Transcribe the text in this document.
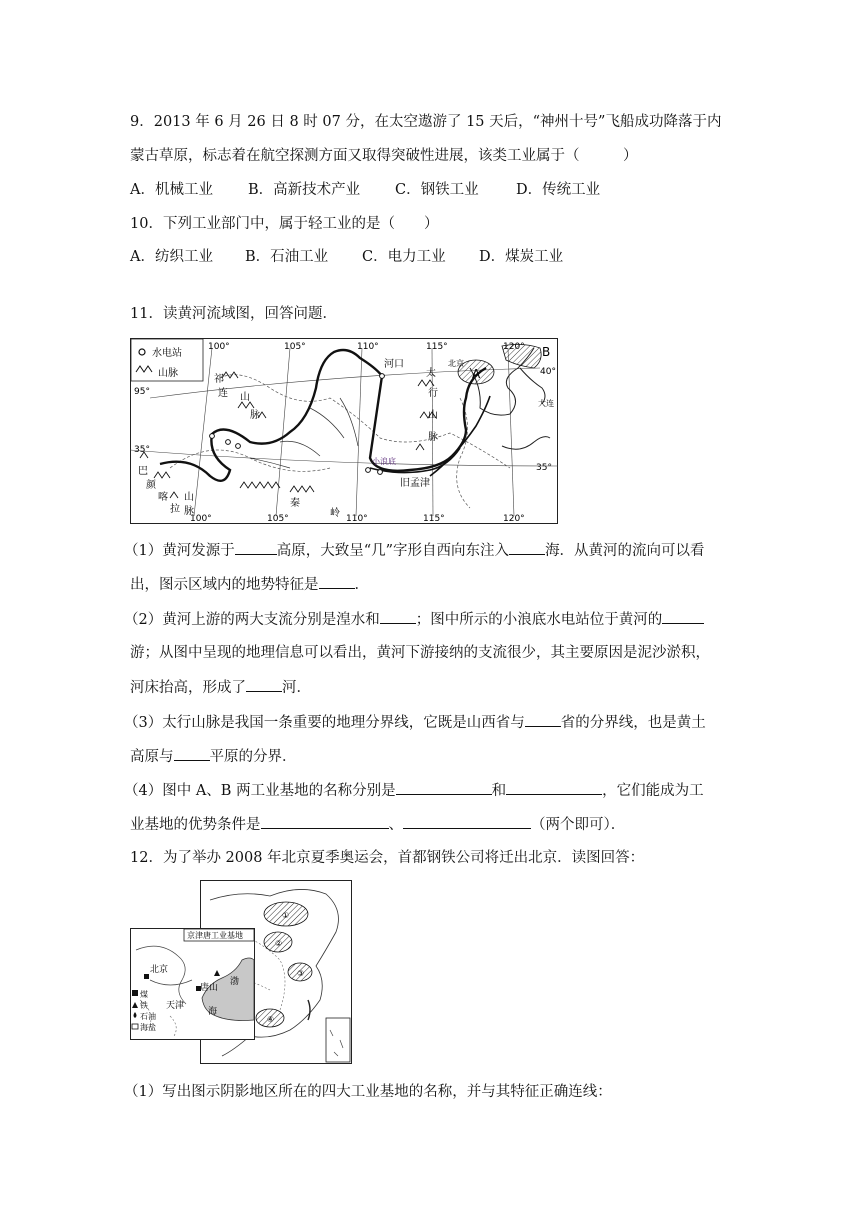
9．2013 年 6 月 26 日 8 时 07 分，在太空遨游了 15 天后，“神州十号”飞船成功降落于内
蒙古草原，标志着在航空探测方面又取得突破性进展，该类工业属于（　　　）
A．机械工业 B．高新技术产业 C．钢铁工业	D．传统工业
10．下列工业部门中，属于轻工业的是（　　）
A．纺织工业 B．石油工业 C．电力工业 D．煤炭工业
11．读黄河流域图，回答问题．
水电站
山脉
100°	105°	110°	115°
100°	105°	110°	115°	120°
35°
35°
95°
40°
河口	北京
大连
小浪底
旧孟津
A
B
祁
连 山
脉
太
行
山
脉
巴
颜
喀
拉
山
脉
秦
岭
（1）黄河发源于	高原，大致呈“几”字形自西向东注入 海．从黄河的流向可以看
出，图示区域内的地势特征是 ．
（2）黄河上游的两大支流分别是湟水和 ；图中所示的小浪底水电站位于黄河的
游；从图中呈现的地理信息可以看出，黄河下游接纳的支流很少，其主要原因是泥沙淤积，
河床抬高，形成了 河．
（3）太行山脉是我国一条重要的地理分界线，它既是山西省与 省的分界线，也是黄土
高原与 平原的分界．
（4）图中 A、B 两工业基地的名称分别是	和	，它们能成为工
业基地的优势条件是	、	（两个即可）．
12．为了举办 2008 年北京夏季奥运会，首都钢铁公司将迁出北京．读图回答：
①
②
③
④
京津唐工业基地
北京
唐山
天津
渤
海
煤
铁
石油
海盐
（1）写出图示阴影地区所在的四大工业基地的名称，并与其特征正确连线：
